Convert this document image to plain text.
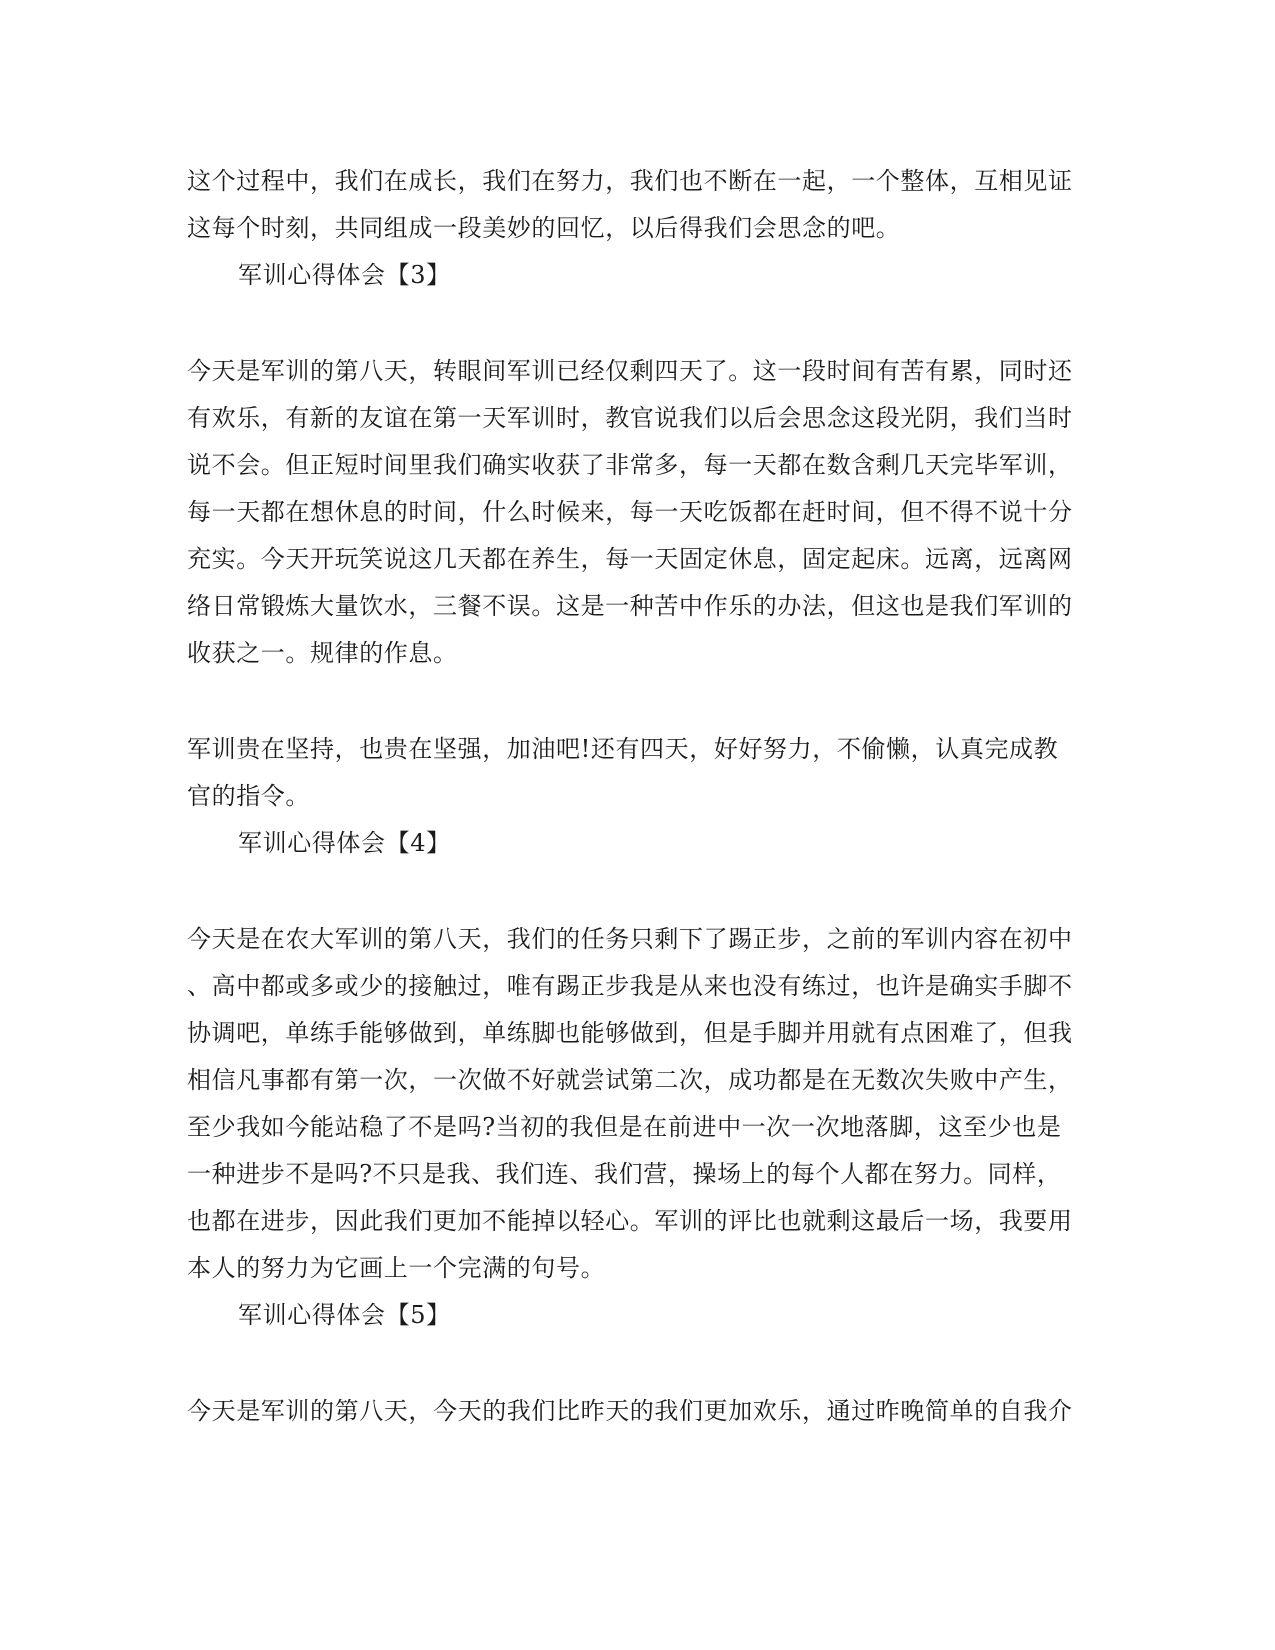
这个过程中，我们在成长，我们在努力，我们也不断在一起，一个整体，互相见证
这每个时刻，共同组成一段美妙的回忆，以后得我们会思念的吧。
军训心得体会【3】
今天是军训的第八天，转眼间军训已经仅剩四天了。这一段时间有苦有累，同时还
有欢乐，有新的友谊在第一天军训时，教官说我们以后会思念这段光阴，我们当时
说不会。但正短时间里我们确实收获了非常多，每一天都在数含剩几天完毕军训，
每一天都在想休息的时间，什么时候来，每一天吃饭都在赶时间，但不得不说十分
充实。今天开玩笑说这几天都在养生，每一天固定休息，固定起床。远离，远离网
络日常锻炼大量饮水，三餐不误。这是一种苦中作乐的办法，但这也是我们军训的
收获之一。规律的作息。
军训贵在坚持，也贵在坚强，加油吧!还有四天，好好努力，不偷懒，认真完成教
官的指令。
军训心得体会【4】
今天是在农大军训的第八天，我们的任务只剩下了踢正步，之前的军训内容在初中
、高中都或多或少的接触过，唯有踢正步我是从来也没有练过，也许是确实手脚不
协调吧，单练手能够做到，单练脚也能够做到，但是手脚并用就有点困难了，但我
相信凡事都有第一次，一次做不好就尝试第二次，成功都是在无数次失败中产生，
至少我如今能站稳了不是吗?当初的我但是在前进中一次一次地落脚，这至少也是
一种进步不是吗?不只是我、我们连、我们营，操场上的每个人都在努力。同样，
也都在进步，因此我们更加不能掉以轻心。军训的评比也就剩这最后一场，我要用
本人的努力为它画上一个完满的句号。
军训心得体会【5】
今天是军训的第八天，今天的我们比昨天的我们更加欢乐，通过昨晚简单的自我介
